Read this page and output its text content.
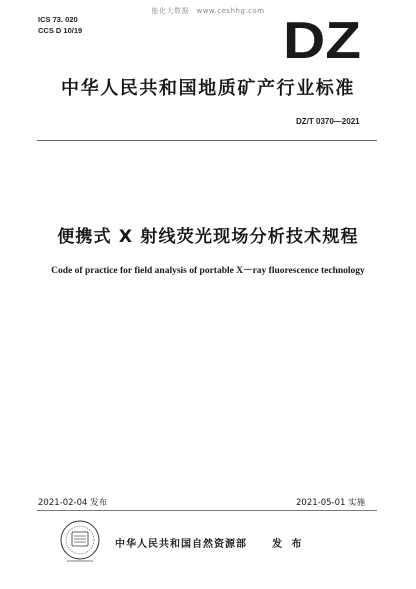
能化大数据　www.ceshhg.com
ICS 73. 020
CCS D 10/19	DZ
中华人民共和国地质矿产行业标准
DZ/T 0370—2021
便携式 X 射线荧光现场分析技术规程
Code of practice for field analysis of portable X－ray fluorescence technology
2021-02-04 发布	2021-05-01 实施
中华人民共和国自然资源部	发 布
